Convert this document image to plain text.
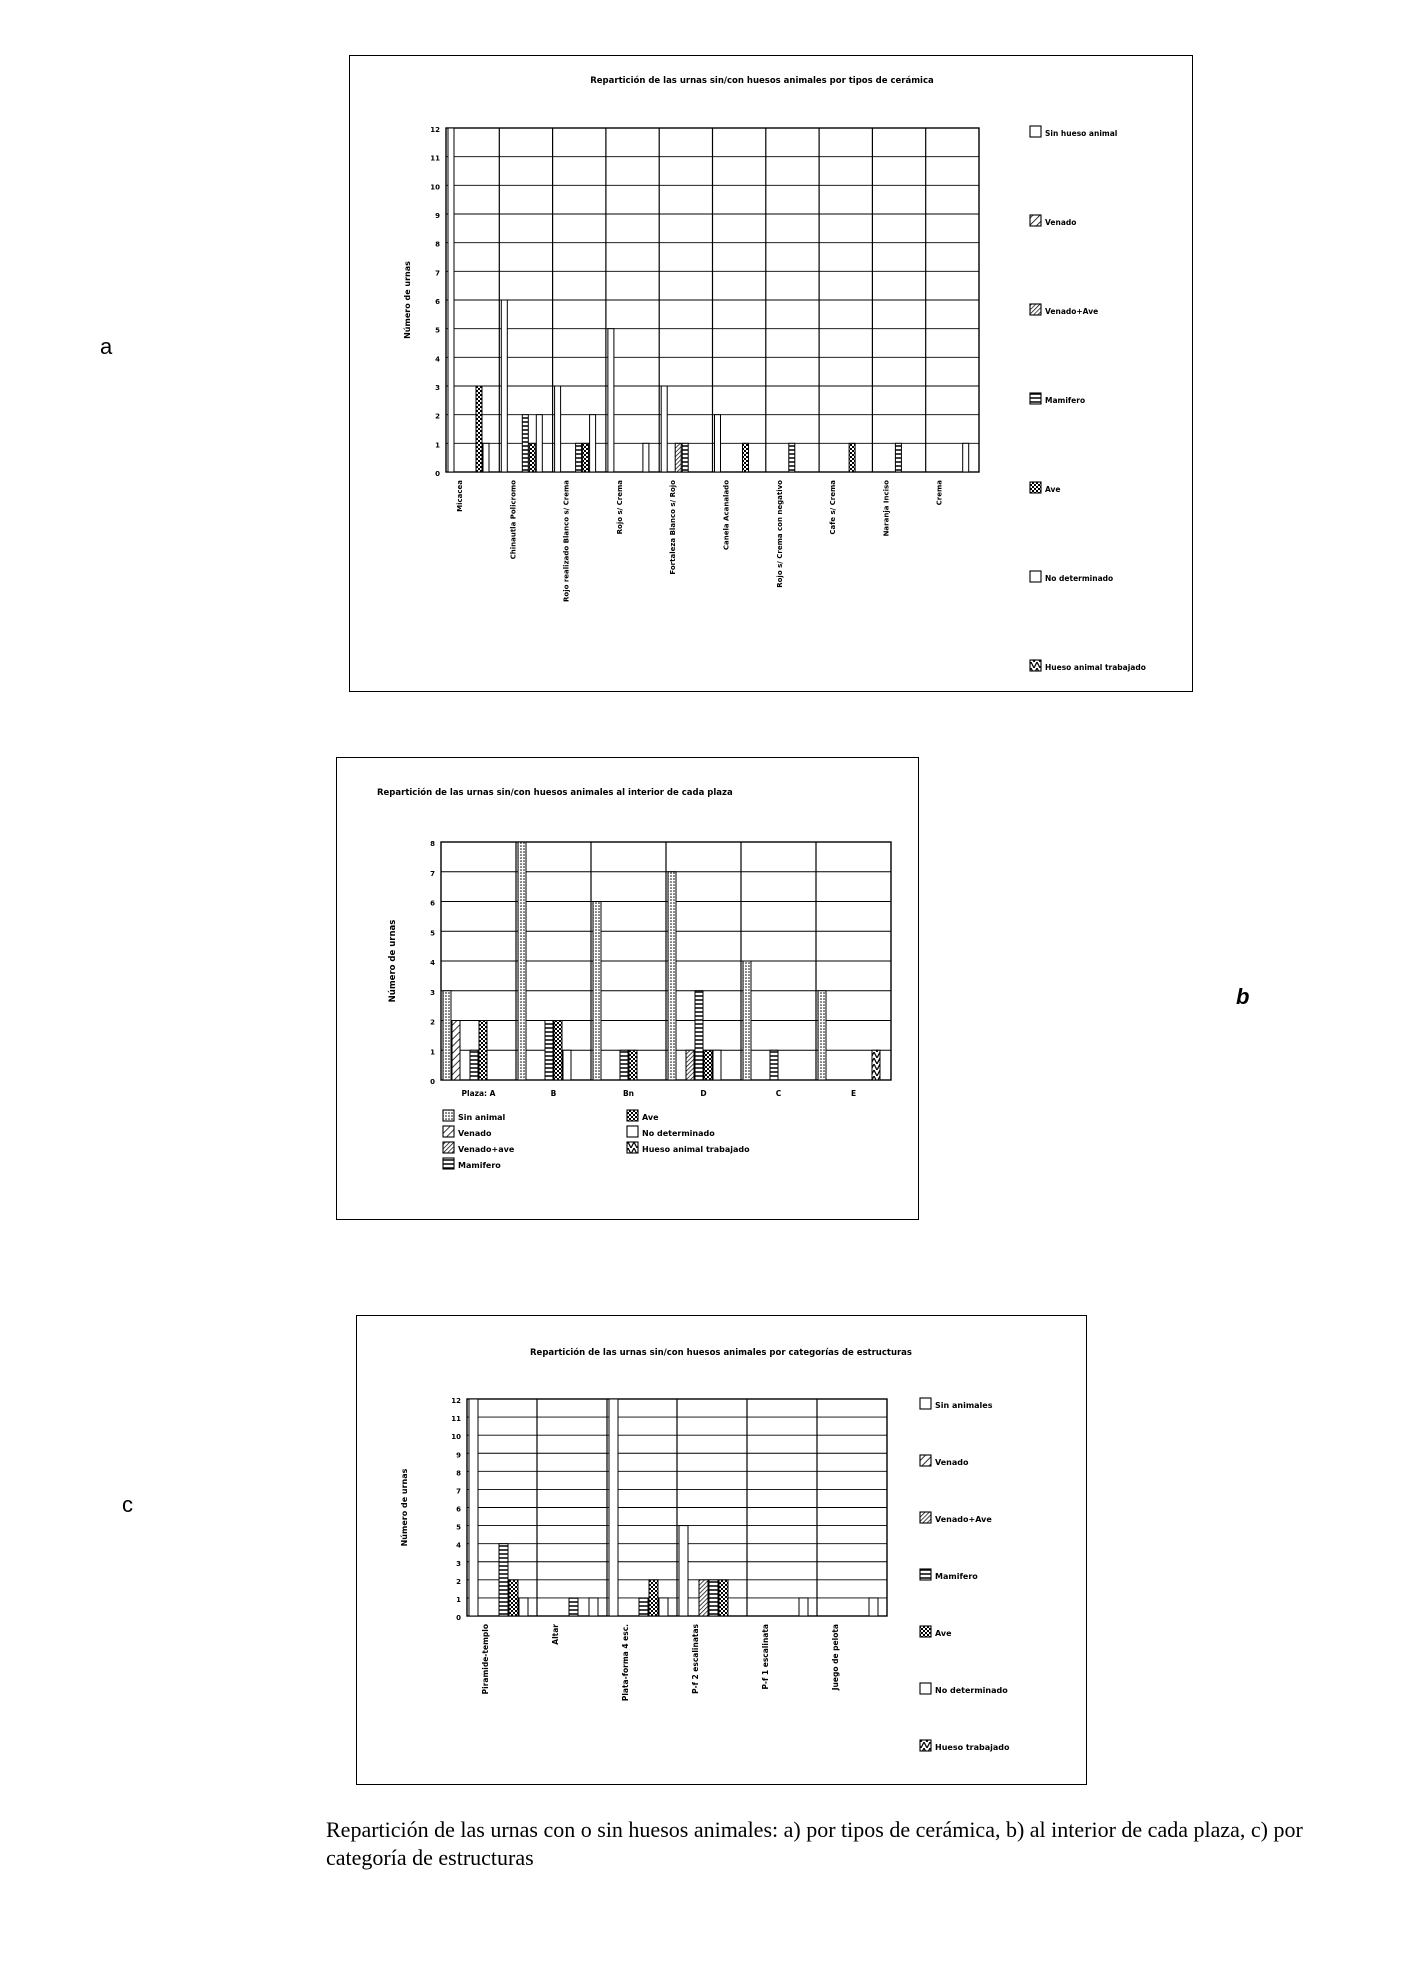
a
b
c
Repartición de las urnas sin/con huesos animales por tipos de cerámica
0
1
2
3
4
5
6
7
8
9
10
11
12
Número de urnas
Micacea	Chinautla Policromo	Rojo realizado Blanco s/ Crema	Rojo s/ Crema	Fortaleza Blanco s/ Rojo	Canela Acanalado	Rojo s/ Crema con negativo	Cafe s/ Crema	Naranja Inciso	Crema
Sin hueso animal
Venado
Venado+Ave
Mamifero
Ave
No determinado
Hueso animal trabajado
Repartición de las urnas sin/con huesos animales al interior de cada plaza
0
1
2
3
4
5
6
7
8
Número de urnas
Plaza: A	B	Bn	D	C	E
Sin animal
Venado
Venado+ave
Mamifero
Ave
No determinado
Hueso animal trabajado
Repartición de las urnas sin/con huesos animales por categorías de estructuras
0
1
2
3
4
5
6
7
8
9
10
11
12
Número de urnas
Piramide-templo	Altar	Plata-forma 4 esc.	P-f 2 escalinatas	P-f 1 escalinata	Juego de pelota
Sin animales
Venado
Venado+Ave
Mamifero
Ave
No determinado
Hueso trabajado
Repartición de las urnas con o sin huesos animales: a) por tipos de cerámica, b) al interior de cada plaza, c) por categoría de estructuras
